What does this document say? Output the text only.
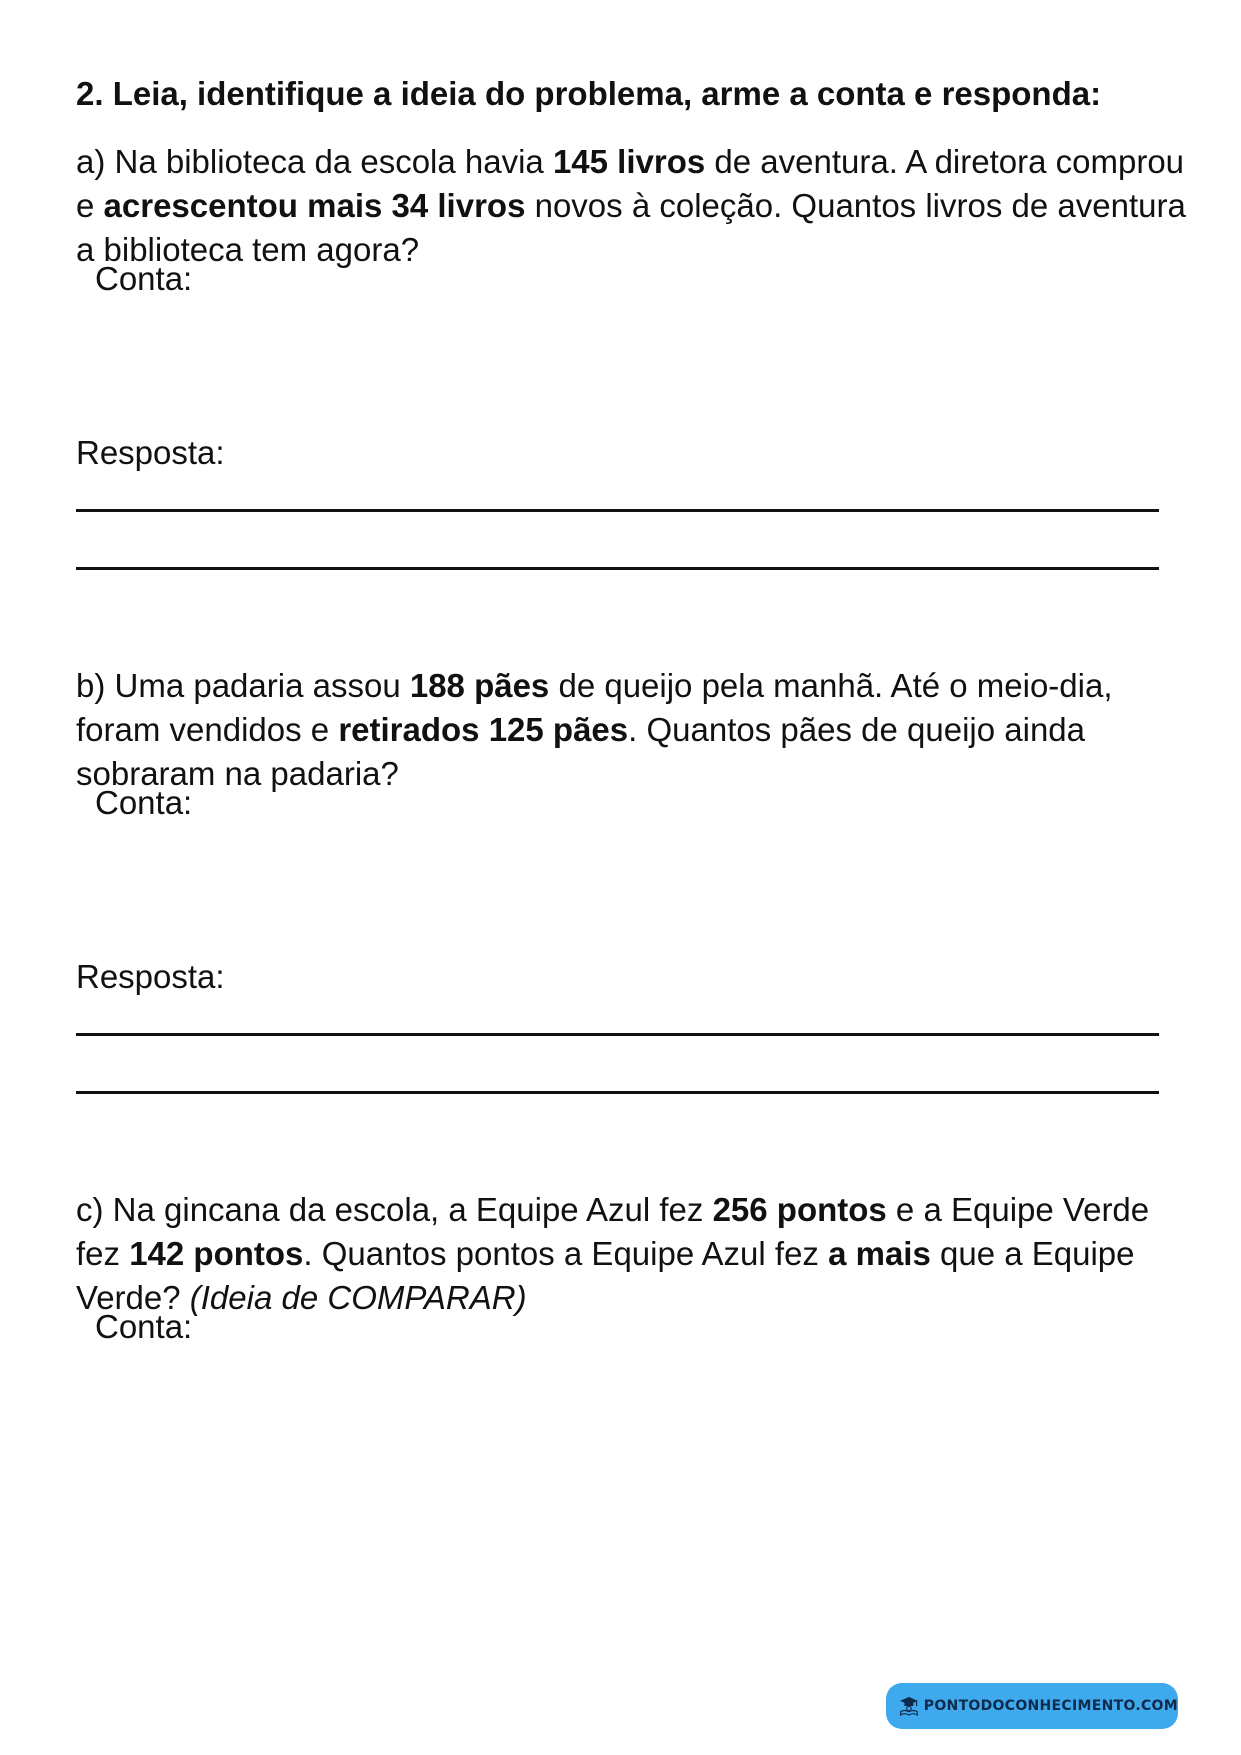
2. Leia, identifique a ideia do problema, arme a conta e responda:
a) Na biblioteca da escola havia 145 livros de aventura. A diretora comprou e acrescentou mais 34 livros novos à coleção. Quantos livros de aventura a biblioteca tem agora?
Conta:
Resposta:
b) Uma padaria assou 188 pães de queijo pela manhã. Até o meio-dia, foram vendidos e retirados 125 pães. Quantos pães de queijo ainda sobraram na padaria?
Conta:
Resposta:
c) Na gincana da escola, a Equipe Azul fez 256 pontos e a Equipe Verde fez 142 pontos. Quantos pontos a Equipe Azul fez a mais que a Equipe Verde? (Ideia de COMPARAR)
Conta:
PONTODOCONHECIMENTO.COM
